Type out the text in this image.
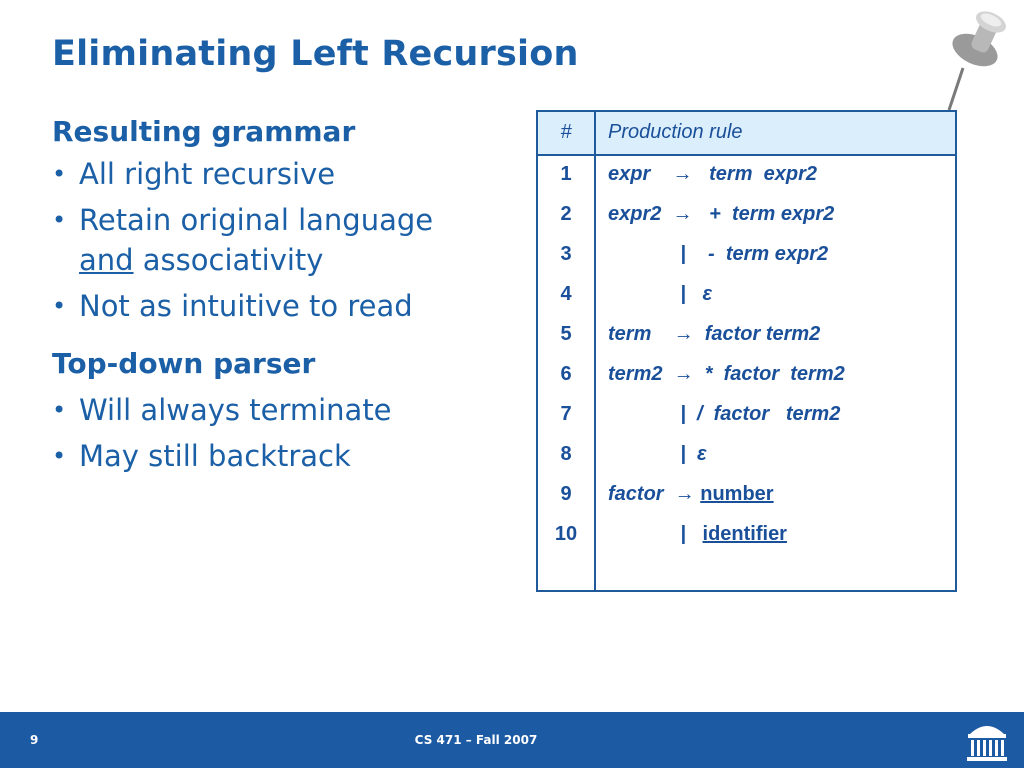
Eliminating Left Recursion
Resulting grammar
• All right recursive
• Retain original language
and associativity
• Not as intuitive to read
Top-down parser
• Will always terminate
• May still backtrack
#	Production rule
1	expr    →   term  expr2
2	expr2  →   +  term expr2
3	|    -  term expr2
4	|   ε
5	term    →  factor term2
6	term2  →  *  factor  term2
7	|  /  factor   term2
8	|  ε
9	factor  → number
10	|   identifier
9	CS 471 – Fall 2007
